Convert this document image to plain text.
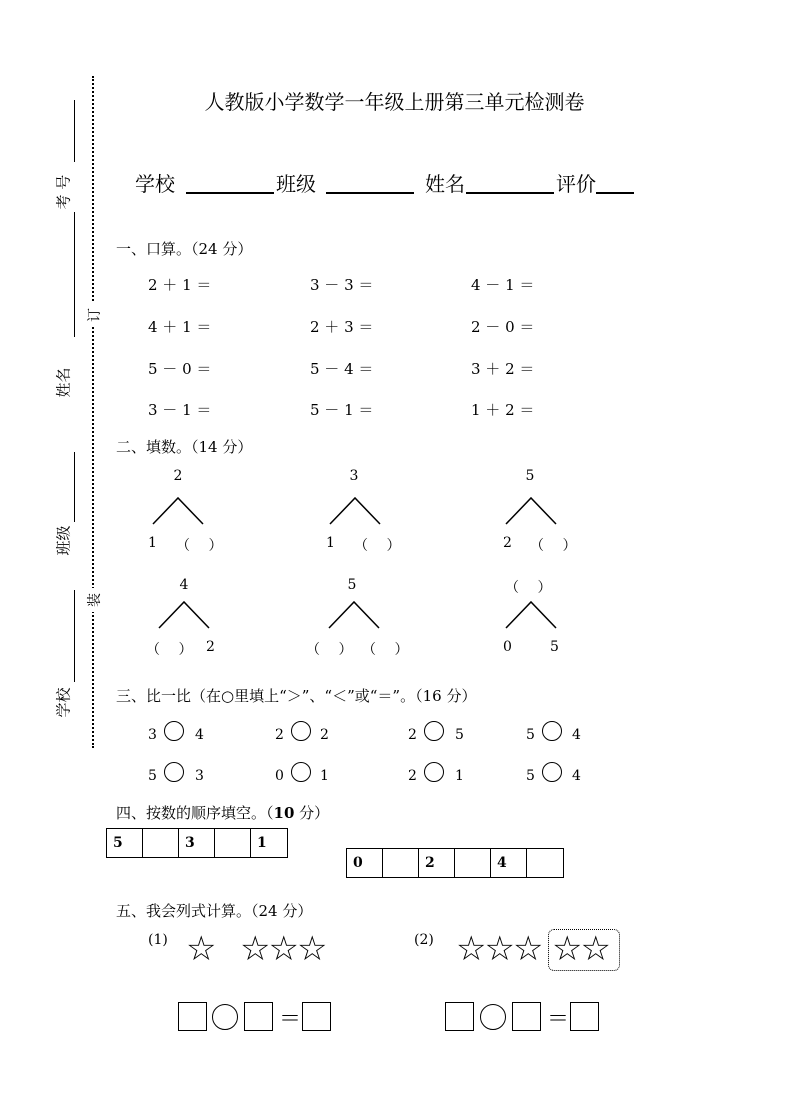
考 号
姓名
班级
学校
订
装
人教版小学数学一年级上册第三单元检测卷
学校	班级	姓名	评价
一、口算。（24 分）
2 ＋ 1 ＝	3 － 3 ＝	4 － 1 ＝
4 ＋ 1 ＝	2 ＋ 3 ＝	2 － 0 ＝
5 － 0 ＝	5 － 4 ＝	3 ＋ 2 ＝
3 － 1 ＝	5 － 1 ＝	1 ＋ 2 ＝
二、填数。（14 分）
2
1 （　 ）
3
1 （　 ）
5
2 （　 ）
4
（　 ） 2
5
（　 ） （　 ）
（　 ）
0	5
三、比一比（在○里填上“＞”、“＜”或“＝”。（16 分）
3	4	2	2	2	5	5	4
5	3	0	1	2	1	5	4
四、按数的顺序填空。（10 分）
5	3	1
0	2	4
五、我会列式计算。（24 分）
(1) ☆ ☆☆☆	(2) ☆☆☆ ☆☆
＝	＝
